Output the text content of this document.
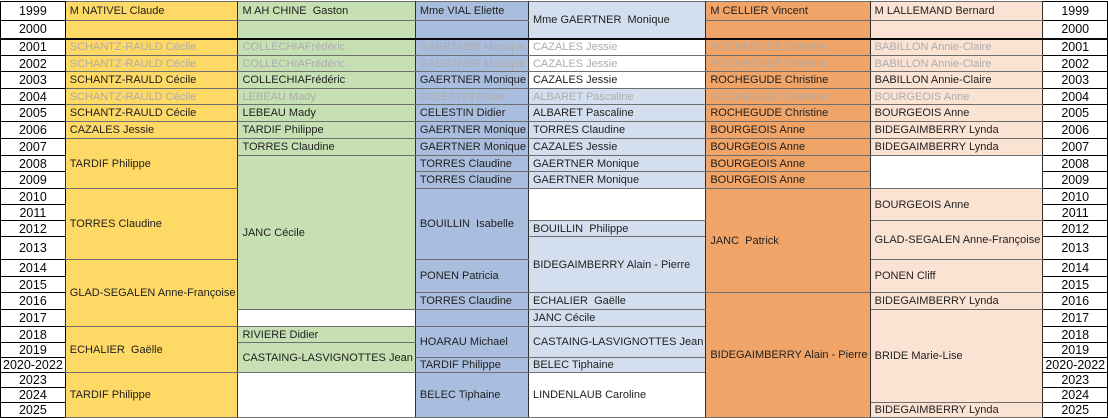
1999	M NATIVEL Claude	M AH CHINE  Gaston	Mme VIAL Eliette	Mme GAERTNER  Monique	M CELLIER Vincent	M LALLEMAND Bernard	1999
2000							2000
2001	SCHANTZ-RAULD Cécile	COLLECHIAFrédéric	GAERTNER Monique	CAZALES Jessie	ROCHEGUDE Christine	BABILLON Annie-Claire	2001
2002	SCHANTZ-RAULD Cécile	COLLECHIAFrédéric	GAERTNER Monique	CAZALES Jessie	ROCHEGUDE Christine	BABILLON Annie-Claire	2002
2003	SCHANTZ-RAULD Cécile	COLLECHIAFrédéric	GAERTNER Monique	CAZALES Jessie	ROCHEGUDE Christine	BABILLON Annie-Claire	2003
2004	SCHANTZ-RAULD Cécile	LEBEAU Mady	CELESTIN Didier	ALBARET Pascaline	ROCHEGUDE Christine	BOURGEOIS Anne	2004
2005	SCHANTZ-RAULD Cécile	LEBEAU Mady	CELESTIN Didier	ALBARET Pascaline	ROCHEGUDE Christine	BOURGEOIS Anne	2005
2006	CAZALES Jessie	TARDIF Philippe	GAERTNER Monique	TORRES Claudine	BOURGEOIS Anne	BIDEGAIMBERRY Lynda	2006
2007	TARDIF Philippe	TORRES Claudine	GAERTNER Monique	CAZALES Jessie	BOURGEOIS Anne	BIDEGAIMBERRY Lynda	2007
2008		JANC Cécile	TORRES Claudine	GAERTNER Monique	BOURGEOIS Anne		2008
2009			TORRES Claudine	GAERTNER Monique	BOURGEOIS Anne		2009
2010	TORRES Claudine		BOUILLIN  Isabelle		JANC  Patrick	BOURGEOIS Anne	2010
2011							2011
2012				BOUILLIN  Philippe		GLAD-SEGALEN Anne-Françoise	2012
2013				BIDEGAIMBERRY Alain - Pierre			2013
2014	GLAD-SEGALEN Anne-Françoise		PONEN Patricia			PONEN Cliff	2014
2015							2015
2016			TORRES Claudine	ECHALIER  Gaëlle	BIDEGAIMBERRY Alain - Pierre	BIDEGAIMBERRY Lynda	2016
2017				JANC Cécile		BRIDE Marie-Lise	2017
2018	ECHALIER  Gaëlle	RIVIERE Didier	HOARAU Michael	CASTAING-LASVIGNOTTES Jean			2018
2019		CASTAING-LASVIGNOTTES Jean					2019
2020-2022			TARDIF Philippe	BELEC Tiphaine			2020-2022
2023	TARDIF Philippe		BELEC Tiphaine	LINDENLAUB Caroline			2023
2024							2024
2025						BIDEGAIMBERRY Lynda	2025
